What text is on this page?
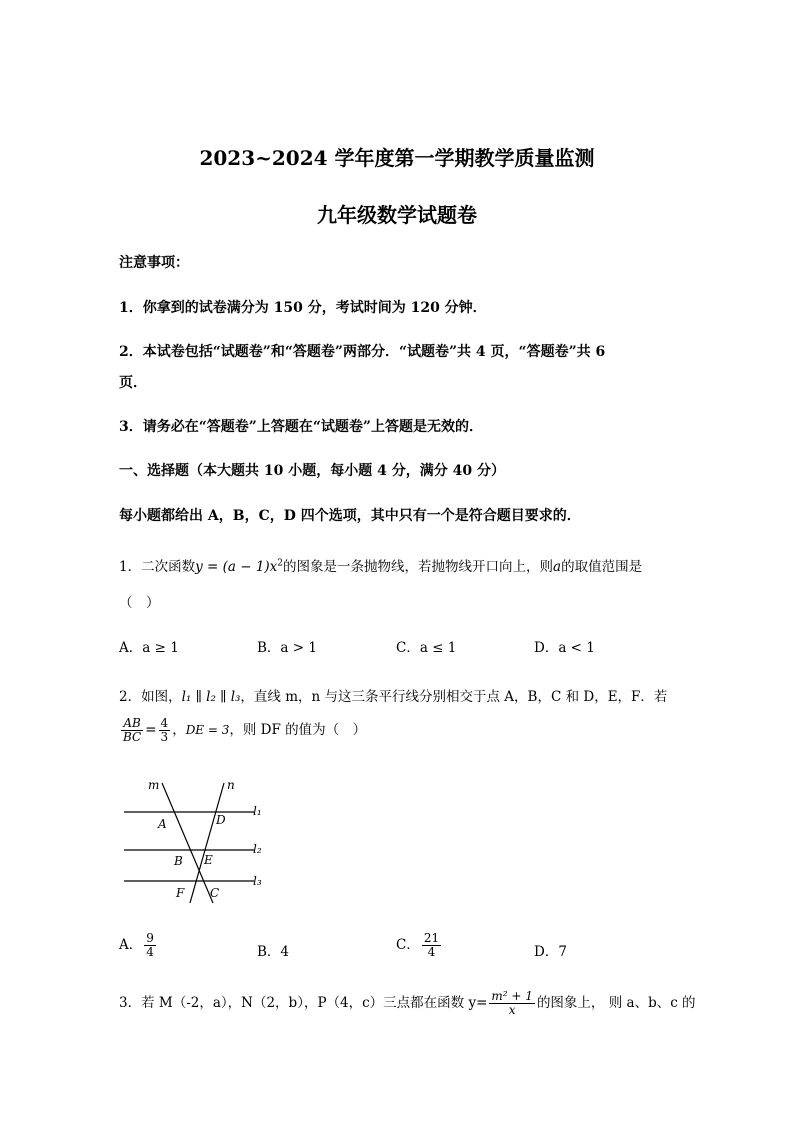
2023~2024 学年度第一学期教学质量监测
九年级数学试题卷
注意事项：
1．你拿到的试卷满分为 150 分，考试时间为 120 分钟．
2．本试卷包括“试题卷”和“答题卷”两部分．“试题卷”共 4 页，“答题卷”共 6
页．
3．请务必在“答题卷”上答题在“试题卷”上答题是无效的．
一、选择题（本大题共 10 小题，每小题 4 分，满分 40 分）
每小题都给出 A，B，C，D 四个选项，其中只有一个是符合题目要求的．
1．二次函数$y = (a - 1)x^2$的图象是一条抛物线，若抛物线开口向上，则a的取值范围是
（　）
A．a ≥ 1	B．a > 1	C．a ≤ 1	D．a < 1
2．如图，l₁ ∥ l₂ ∥ l₃，直线 m，n 与这三条平行线分别相交于点 A，B，C 和 D，E，F．若
$\frac{AB}{BC} = \frac{4}{3}$ ，DE = 3，则 DF 的值为（　）
m	n
A	D
B E
F C
l₁
l₂
l₃
A． $\frac{9}{4}$	B．4	C． $\frac{21}{4}$	D．7
3．若 M（-2，a），N（2，b），P（4，c）三点都在函数 $y= \frac{\text{m² + 1}}{x}$ 的图象上， 则 a、b、c 的
